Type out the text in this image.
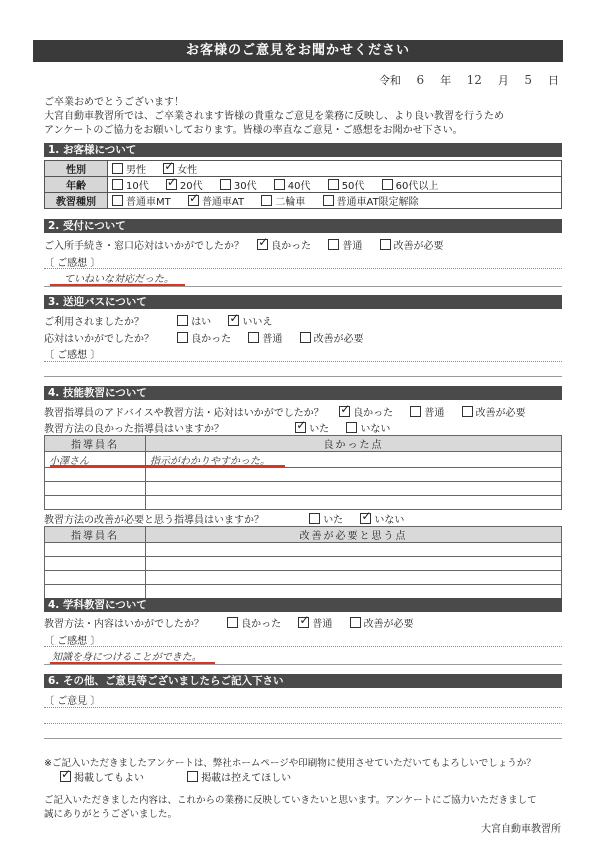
お客様のご意見をお聞かせください
令和 6 年 12 月 5 日
ご卒業おめでとうございます！
大宮自動車教習所では、ご卒業されます皆様の貴重なご意見を業務に反映し、より良い教習を行うため
アンケートのご協力をお願いしております。皆様の率直なご意見・ご感想をお聞かせ下さい。
1. お客様について
性別	男性 ✓ 女性
年齢	10代 ✓ 20代 30代 40代 50代 60代以上
教習種別	普通車MT ✓ 普通車AT 二輪車 普通車AT限定解除
2. 受付について
ご入所手続き・窓口応対はいかがでしたか？ ✓	良かった	普通	改善が必要
〔 ご感想 〕
ていねいな対応だった。
3. 送迎バスについて
ご利用されましたか？	はい ✓	いいえ
応対はいかがでしたか？	良かった	普通	改善が必要
〔 ご感想 〕
4. 技能教習について
教習指導員のアドバイスや教習方法・応対はいかがでしたか？ ✓	良かった	普通	改善が必要
教習方法の良かった指導員はいますか？ ✓	いた	いない
指導員名	良かった点
小澤さん	指示がわかりやすかった。

教習方法の改善が必要と思う指導員はいますか？	いた ✓	いない
指導員名	改善が必要と思う点

4. 学科教習について
教習方法・内容はいかがでしたか？	良かった ✓	普通	改善が必要
〔 ご感想 〕
知識を身につけることができた。
6. その他、ご意見等ございましたらご記入下さい
〔 ご意見 〕
※ご記入いただきましたアンケートは、弊社ホームページや印刷物に使用させていただいてもよろしいでしょうか？
✓掲載してもよい	掲載は控えてほしい
ご記入いただきました内容は、これからの業務に反映していきたいと思います。アンケートにご協力いただきまして
誠にありがとうございました。
大宮自動車教習所
